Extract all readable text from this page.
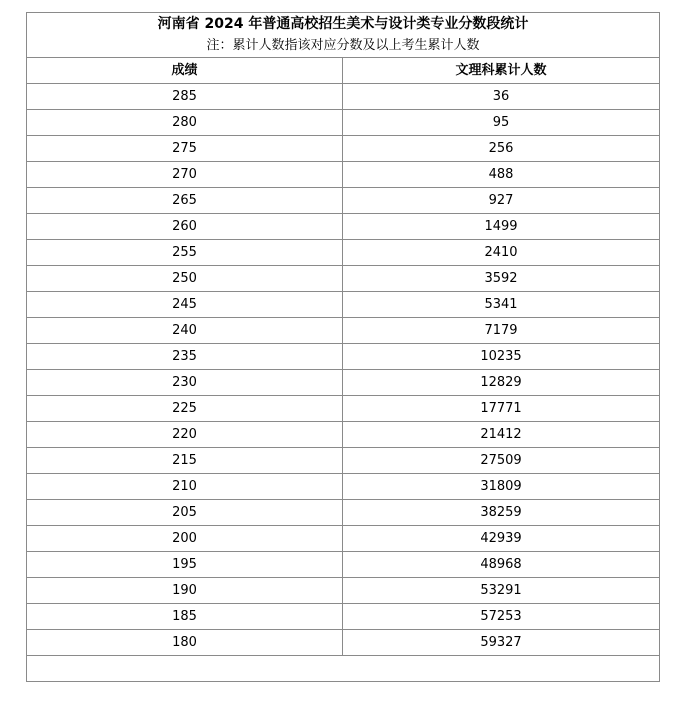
河南省 2024 年普通高校招生美术与设计类专业分数段统计
注：累计人数指该对应分数及以上考生累计人数	

成绩	文理科累计人数
285	36
280	95
275	256
270	488
265	927
260	1499
255	2410
250	3592
245	5341
240	7179
235	10235
230	12829
225	17771
220	21412
215	27509
210	31809
205	38259
200	42939
195	48968
190	53291
185	57253
180	59327
